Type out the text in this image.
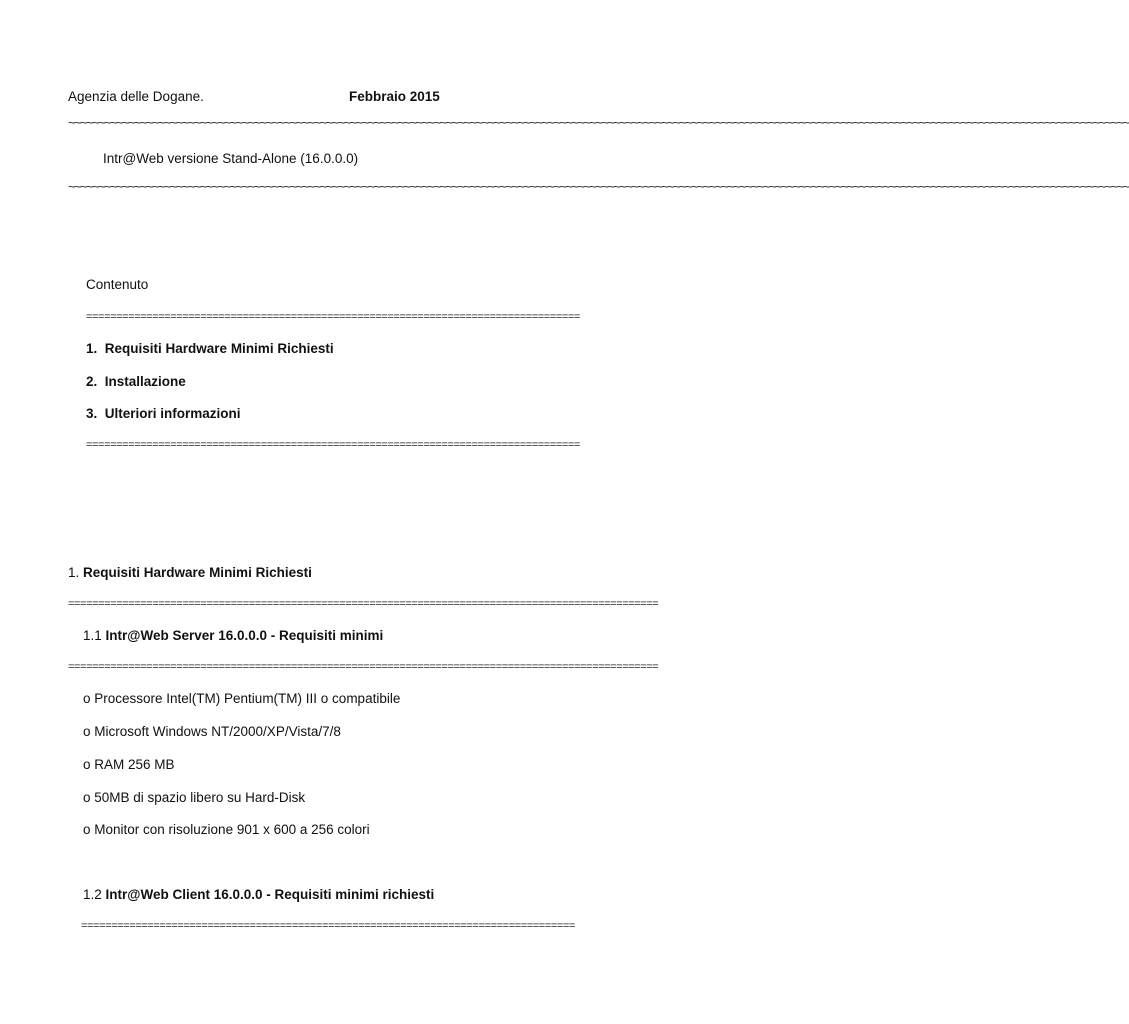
Agenzia delle Dogane.	Febbraio 2015
~~~~~~~~~~~~~~~~~~~~~~~~~~~~~~~~~~~~~~~~~~~~~~~~~~~~~~~~~~~~~~~~~~~~~~~~~~~~~~~~~~~~~~~~~~~~~~~~~~~~~~~~~~~~~~~~~~~~~~~~~~~~~~~~~~~~~~~~~~~~~~~~~~~~~~~~~~~~~~~~~~~~~~~~~~~~~~~~~
Intr@Web versione Stand-Alone (16.0.0.0)
~~~~~~~~~~~~~~~~~~~~~~~~~~~~~~~~~~~~~~~~~~~~~~~~~~~~~~~~~~~~~~~~~~~~~~~~~~~~~~~~~~~~~~~~~~~~~~~~~~~~~~~~~~~~~~~~~~~~~~~~~~~~~~~~~~~~~~~~~~~~~~~~~~~~~~~~~~~~~~~~~~~~~~~~~~~~~~~~~
Contenuto
==================================================================================
1. Requisiti Hardware Minimi Richiesti
2. Installazione
3. Ulteriori informazioni
==================================================================================
1. Requisiti Hardware Minimi Richiesti
==================================================================================================
1.1 Intr@Web Server 16.0.0.0 - Requisiti minimi
==================================================================================================
o Processore Intel(TM) Pentium(TM) III o compatibile
o Microsoft Windows NT/2000/XP/Vista/7/8
o RAM 256 MB
o 50MB di spazio libero su Hard-Disk
o Monitor con risoluzione 901 x 600 a 256 colori
1.2 Intr@Web Client 16.0.0.0 - Requisiti minimi richiesti
==================================================================================
